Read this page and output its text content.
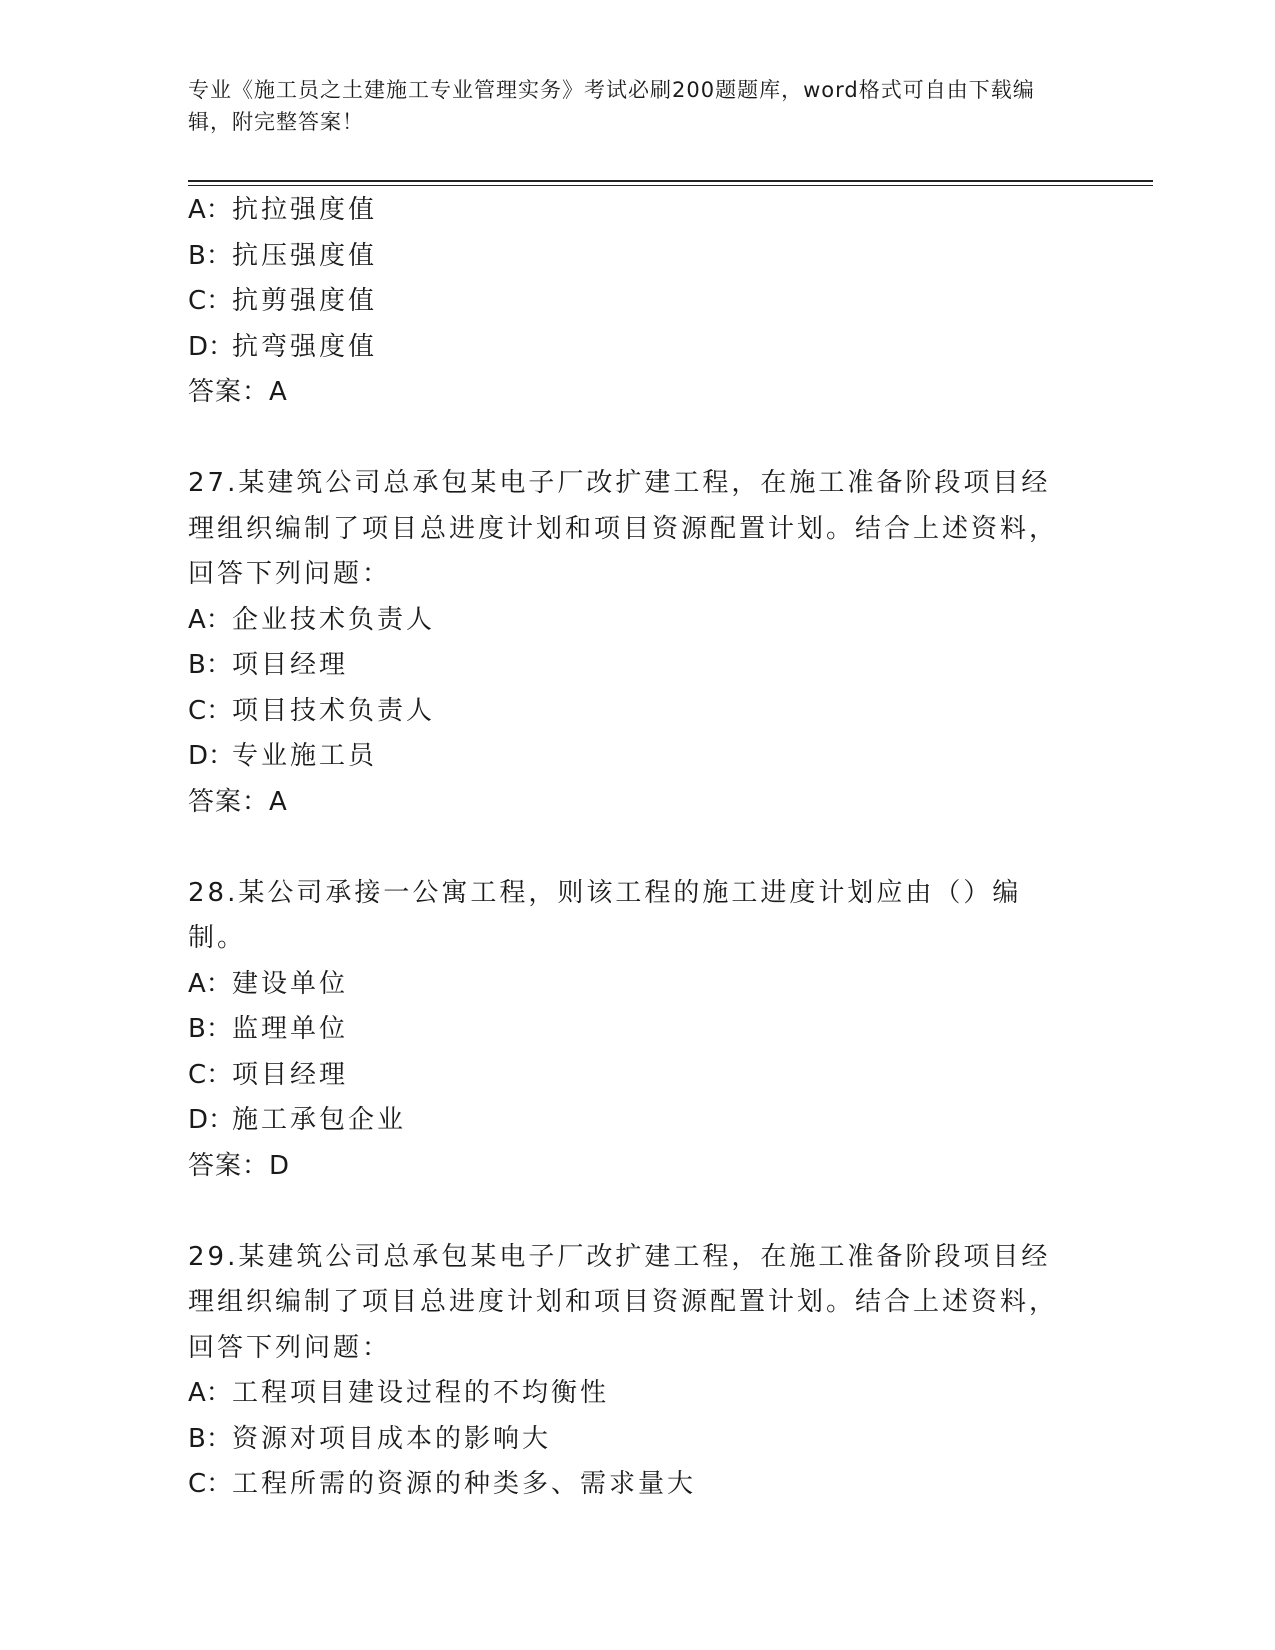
专业《施工员之土建施工专业管理实务》考试必刷200题题库，word格式可自由下载编辑，附完整答案！
A：抗拉强度值
B：抗压强度值
C：抗剪强度值
D：抗弯强度值
答案：A
27.某建筑公司总承包某电子厂改扩建工程，在施工准备阶段项目经理组织编制了项目总进度计划和项目资源配置计划。结合上述资料，回答下列问题：
A：企业技术负责人
B：项目经理
C：项目技术负责人
D：专业施工员
答案：A
28.某公司承接一公寓工程，则该工程的施工进度计划应由（）编制。
A：建设单位
B：监理单位
C：项目经理
D：施工承包企业
答案：D
29.某建筑公司总承包某电子厂改扩建工程，在施工准备阶段项目经理组织编制了项目总进度计划和项目资源配置计划。结合上述资料，回答下列问题：
A：工程项目建设过程的不均衡性
B：资源对项目成本的影响大
C：工程所需的资源的种类多、需求量大
